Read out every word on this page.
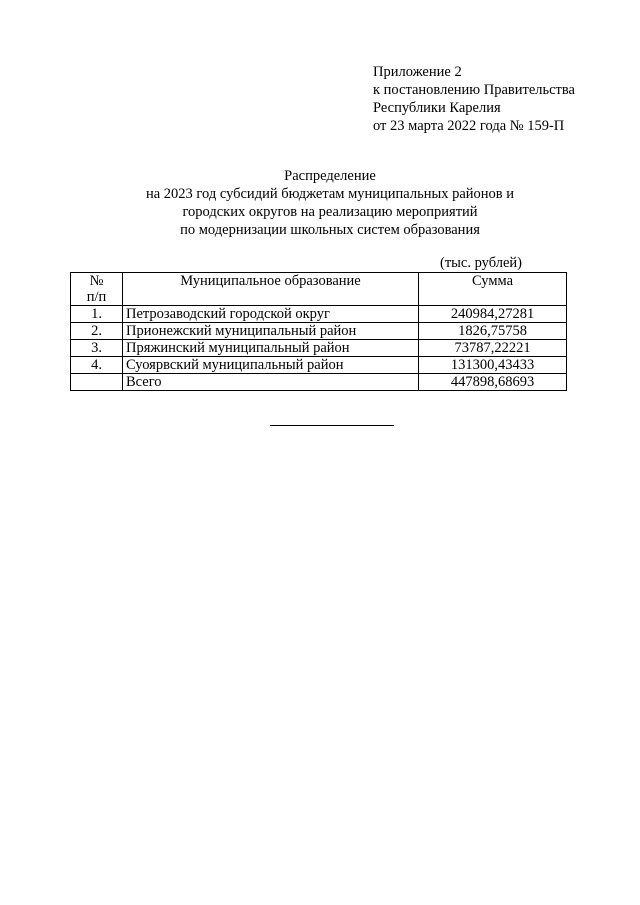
Приложение 2
к постановлению Правительства
Республики Карелия
от 23 марта 2022 года № 159-П
Распределение
на 2023 год субсидий бюджетам муниципальных районов и
городских округов на реализацию мероприятий
по модернизации школьных систем образования
(тыс. рублей)
№
п/п	Муниципальное образование	Сумма
1.	Петрозаводский городской округ	240984,27281
2.	Прионежский муниципальный район	1826,75758
3.	Пряжинский муниципальный район	73787,22221
4.	Суоярвский муниципальный район	131300,43433
	Всего	447898,68693
